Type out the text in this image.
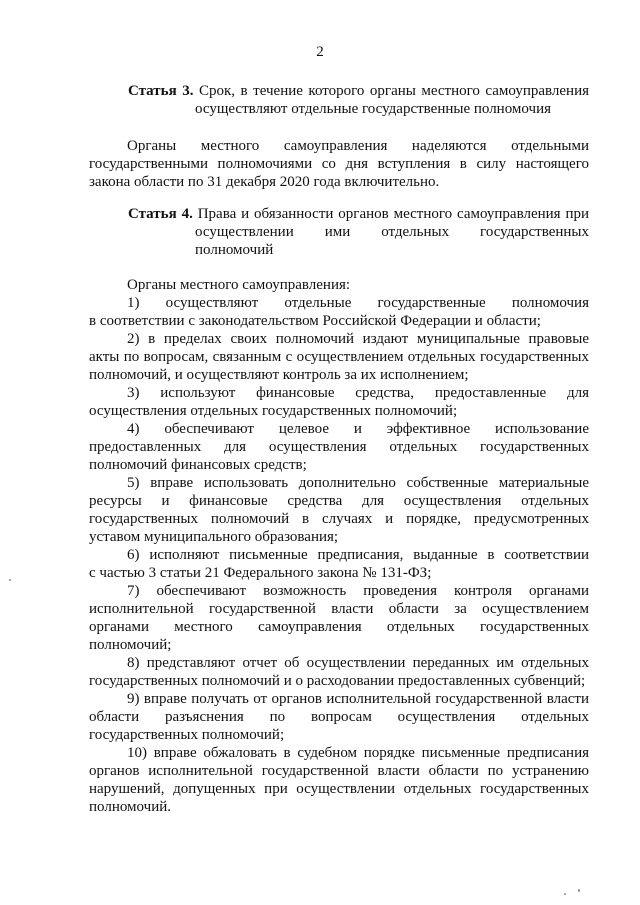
2
Статья 3. Срок, в течение которого органы местного самоуправления
осуществляют отдельные государственные полномочия
Органы местного самоуправления наделяются отдельными
государственными полномочиями со дня вступления в силу настоящего
закона области по 31 декабря 2020 года включительно.
Статья 4. Права и обязанности органов местного самоуправления при
осуществлении ими отдельных государственных
полномочий
Органы местного самоуправления:
1) осуществляют отдельные государственные полномочия
в соответствии с законодательством Российской Федерации и области;
2) в пределах своих полномочий издают муниципальные правовые
акты по вопросам, связанным с осуществлением отдельных государственных
полномочий, и осуществляют контроль за их исполнением;
3) используют финансовые средства, предоставленные для
осуществления отдельных государственных полномочий;
4) обеспечивают целевое и эффективное использование
предоставленных для осуществления отдельных государственных
полномочий финансовых средств;
5) вправе использовать дополнительно собственные материальные
ресурсы и финансовые средства для осуществления отдельных
государственных полномочий в случаях и порядке, предусмотренных
уставом муниципального образования;
6) исполняют письменные предписания, выданные в соответствии
с частью 3 статьи 21 Федерального закона № 131-ФЗ;
7) обеспечивают возможность проведения контроля органами
исполнительной государственной власти области за осуществлением
органами местного самоуправления отдельных государственных
полномочий;
8) представляют отчет об осуществлении переданных им отдельных
государственных полномочий и о расходовании предоставленных субвенций;
9) вправе получать от органов исполнительной государственной власти
области разъяснения по вопросам осуществления отдельных
государственных полномочий;
10) вправе обжаловать в судебном порядке письменные предписания
органов исполнительной государственной власти области по устранению
нарушений, допущенных при осуществлении отдельных государственных
полномочий.
